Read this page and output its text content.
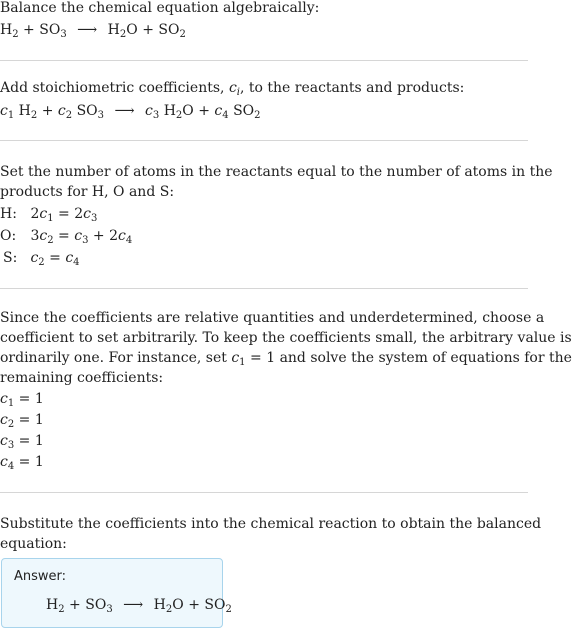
Balance the chemical equation algebraically:
$H_2 + SO_3$ ⟶ $H_2O + SO_2$
Add stoichiometric coefficients, $c_i$, to the reactants and products:
$c_1$ $H_2 + c_2$ $SO_3$ ⟶ $c_3$ $H_2O + c_4$ $SO_2$
Set the number of atoms in the reactants equal to the number of atoms in the
products for H, O and S:
H: $2c_1 = 2c_3$
O: $3c_2 = c_3 + 2c_4$
S: $c_2 = c_4$
Since the coefficients are relative quantities and underdetermined, choose a
coefficient to set arbitrarily. To keep the coefficients small, the arbitrary value is
ordinarily one. For instance, set $c_1 = 1$ and solve the system of equations for the
remaining coefficients:
$c_1 = 1$
$c_2 = 1$
$c_3 = 1$
$c_4 = 1$
Substitute the coefficients into the chemical reaction to obtain the balanced
equation:
Answer:
$H_2 + SO_3$ ⟶ $H_2O + SO_2$
